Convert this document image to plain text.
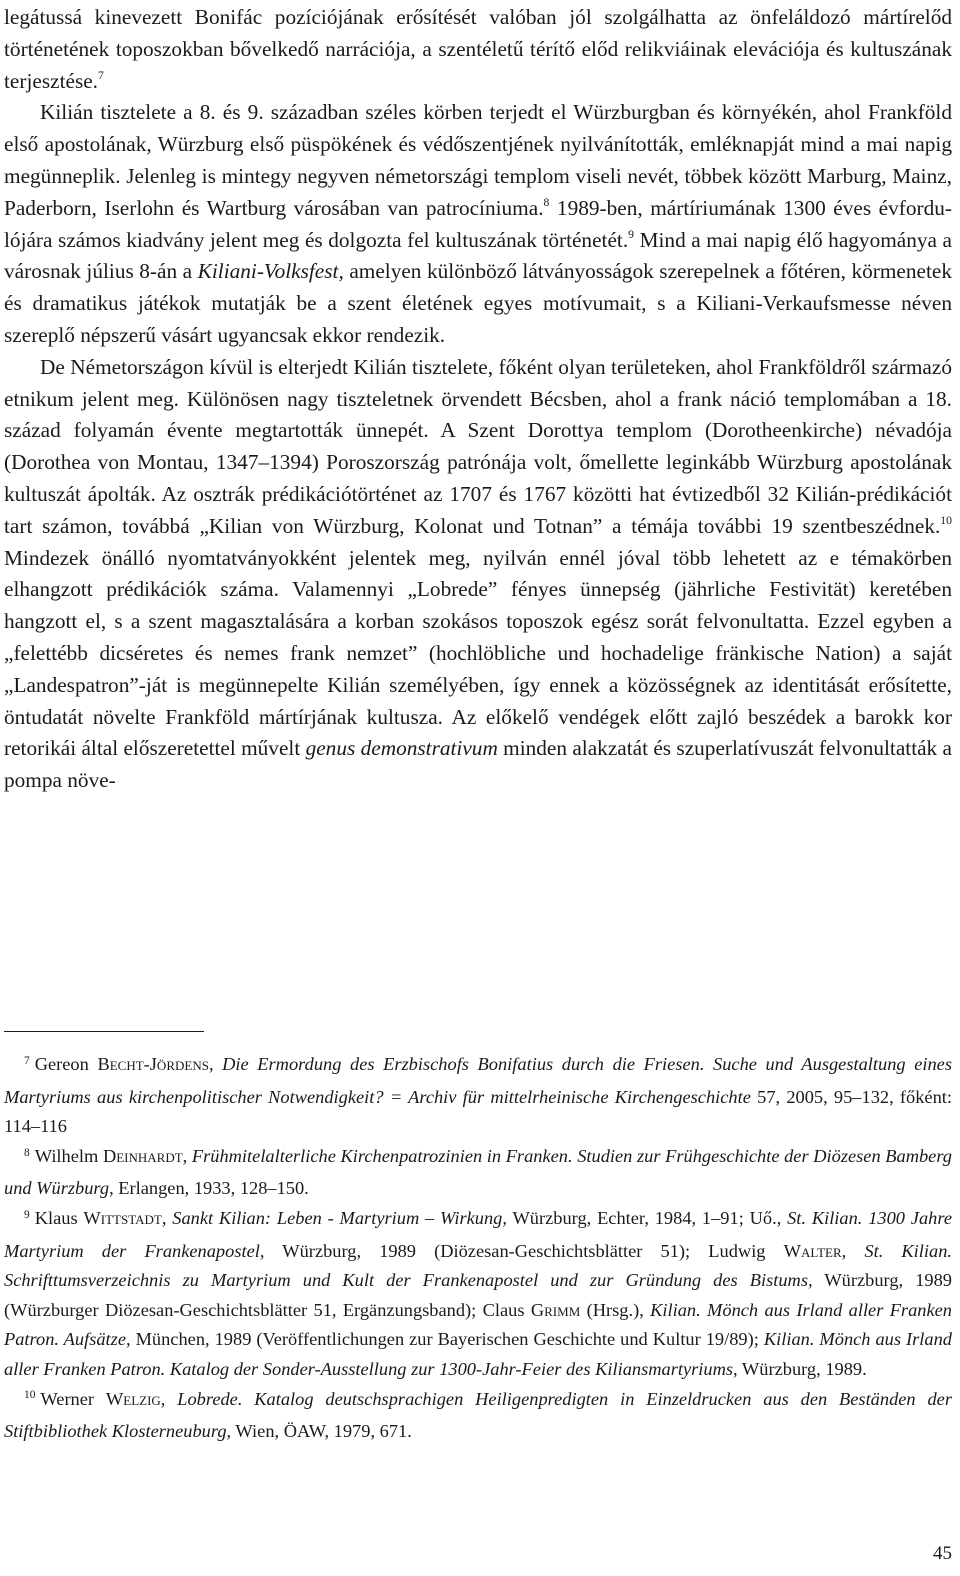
legátussá kinevezett Bonifác pozíciójának erősítését valóban jól szolgálhatta az önfeláldozó mártírelőd történetének toposzokban bővelkedő narrációja, a szentéletű térítő előd relikviáinak elevációja és kultuszának terjesztése.$^7$

Kilián tisztelete a 8. és 9. században széles körben terjedt el Würzburgban és környékén, ahol Frankföld első apostolának, Würzburg első püspökének és védőszentjének nyilvánították, emléknapját mind a mai napig megünneplik. Jelenleg is mintegy negyven németországi templom viseli nevét, többek között Marburg, Mainz, Paderborn, Iserlohn és Wartburg városában van patrocíniuma.$^8$ 1989-ben, mártíriumának 1300 éves évfordulójára számos kiadvány jelent meg és dolgozta fel kultuszának történetét.$^9$ Mind a mai napig élő hagyománya a városnak július 8-án a Kiliani-Volksfest, amelyen különböző látványosságok szerepelnek a főtéren, körmenetek és dramatikus játékok mutatják be a szent életének egyes motívumait, s a Kiliani-Verkaufsmesse néven szereplő népszerű vásárt ugyancsak ekkor rendezik.

De Németországon kívül is elterjedt Kilián tisztelete, főként olyan területeken, ahol Frankföldről származó etnikum jelent meg. Különösen nagy tiszteletnek örvendett Bécsben, ahol a frank náció templomában a 18. század folyamán évente megtartották ünnepét. A Szent Dorottya templom (Dorotheenkirche) névadója (Dorothea von Montau, 1347–1394) Poroszország patrónája volt, őmellette leginkább Würzburg apostolának kultuszát ápolták. Az osztrák prédikációtörténet az 1707 és 1767 közötti hat évtizedből 32 Kilián-prédikációt tart számon, továbbá „Kilian von Würzburg, Kolonat und Totnan” a témája további 19 szentbeszédnek.$^{10}$ Mindezek önálló nyomtatványokként jelentek meg, nyilván ennél jóval több lehetett az e témakörben elhangzott prédikációk száma. Valamennyi „Lobrede” fényes ünnepség (jährliche Festivität) keretében hangzott el, s a szent magasztalására a korban szokásos toposzok egész sorát felvonultatta. Ezzel egyben a „felettébb dicséretes és nemes frank nemzet” (hochlöbliche und hochadelige fränkische Nation) a saját „Landespatron”-ját is megünnepelte Kilián személyében, így ennek a közösségnek az identitását erősítette, öntudatát növelte Frankföld mártírjának kultusza. Az előkelő vendégek előtt zajló beszédek a barokk kor retorikái által előszeretettel művelt genus demonstrativum minden alakzatát és szuperlatívuszát felvonultatták a pompa növe-

$^7$ Gereon Becht-Jördens, Die Ermordung des Erzbischofs Bonifatius durch die Friesen. Suche und Ausgestaltung eines Martyriums aus kirchenpolitischer Notwendigkeit? = Archiv für mittelrheinische Kirchengeschichte 57, 2005, 95–132, főként: 114–116

$^8$ Wilhelm Deinhardt, Frühmitelalterliche Kirchenpatrozinien in Franken. Studien zur Frühgeschichte der Diözesen Bamberg und Würzburg, Erlangen, 1933, 128–150.

$^9$ Klaus Wittstadt, Sankt Kilian: Leben - Martyrium – Wirkung, Würzburg, Echter, 1984, 1–91; Uő., St. Kilian. 1300 Jahre Martyrium der Frankenapostel, Würzburg, 1989 (Diözesan-Geschichtsblätter 51); Ludwig Walter, St. Kilian. Schrifttumsverzeichnis zu Martyrium und Kult der Frankenapostel und zur Gründung des Bistums, Würzburg, 1989 (Würzburger Diözesan-Geschichtsblätter 51, Ergänzungsband); Claus Grimm (Hrsg.), Kilian. Mönch aus Irland aller Franken Patron. Aufsätze, München, 1989 (Veröffentlichungen zur Bayerischen Geschichte und Kultur 19/89); Kilian. Mönch aus Irland aller Franken Patron. Katalog der Sonder-Ausstellung zur 1300-Jahr-Feier des Kiliansmartyriums, Würzburg, 1989.

$^{10}$ Werner Welzig, Lobrede. Katalog deutschsprachigen Heiligenpredigten in Einzeldrucken aus den Beständen der Stiftbibliothek Klosterneuburg, Wien, ÖAW, 1979, 671.

45
